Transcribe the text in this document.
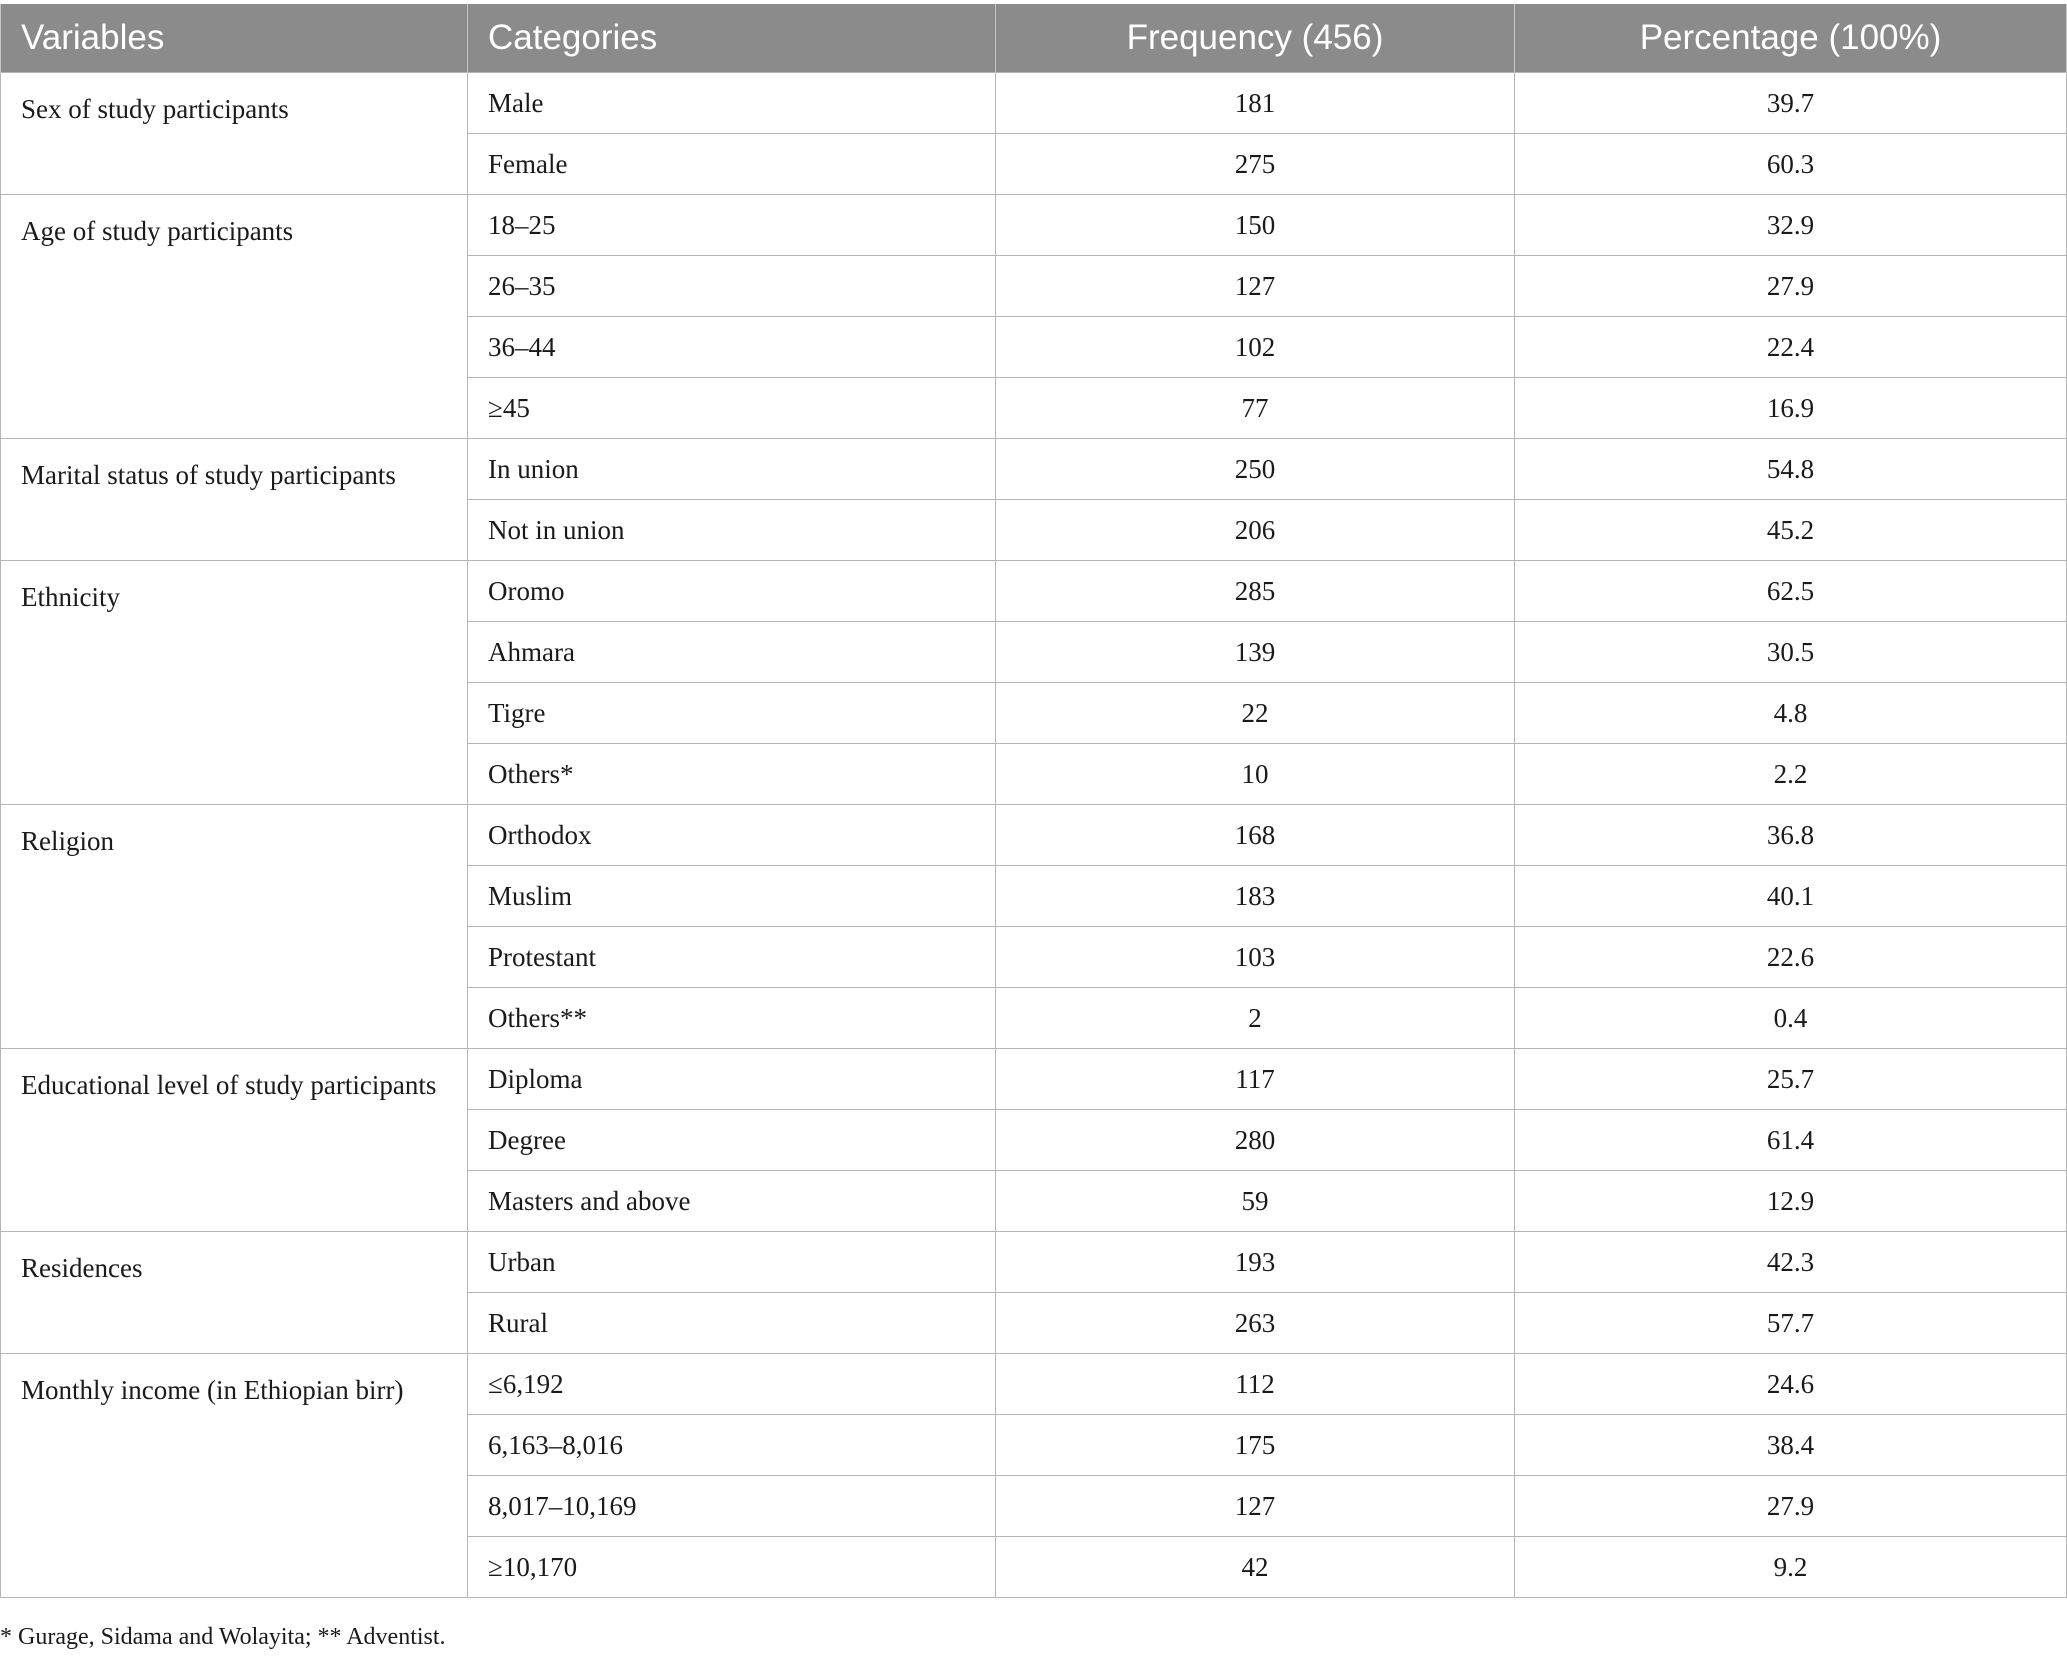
Variables	Categories	Frequency (456)	Percentage (100%)
Sex of study participants	Male	181	39.7
	Female	275	60.3
Age of study participants	18–25	150	32.9
	26–35	127	27.9
	36–44	102	22.4
	≥45	77	16.9
Marital status of study participants	In union	250	54.8
	Not in union	206	45.2
Ethnicity	Oromo	285	62.5
	Ahmara	139	30.5
	Tigre	22	4.8
	Others*	10	2.2
Religion	Orthodox	168	36.8
	Muslim	183	40.1
	Protestant	103	22.6
	Others**	2	0.4
Educational level of study participants	Diploma	117	25.7
	Degree	280	61.4
	Masters and above	59	12.9
Residences	Urban	193	42.3
	Rural	263	57.7
Monthly income (in Ethiopian birr)	≤6,192	112	24.6
	6,163–8,016	175	38.4
	8,017–10,169	127	27.9
	≥10,170	42	9.2
* Gurage, Sidama and Wolayita; ** Adventist.
